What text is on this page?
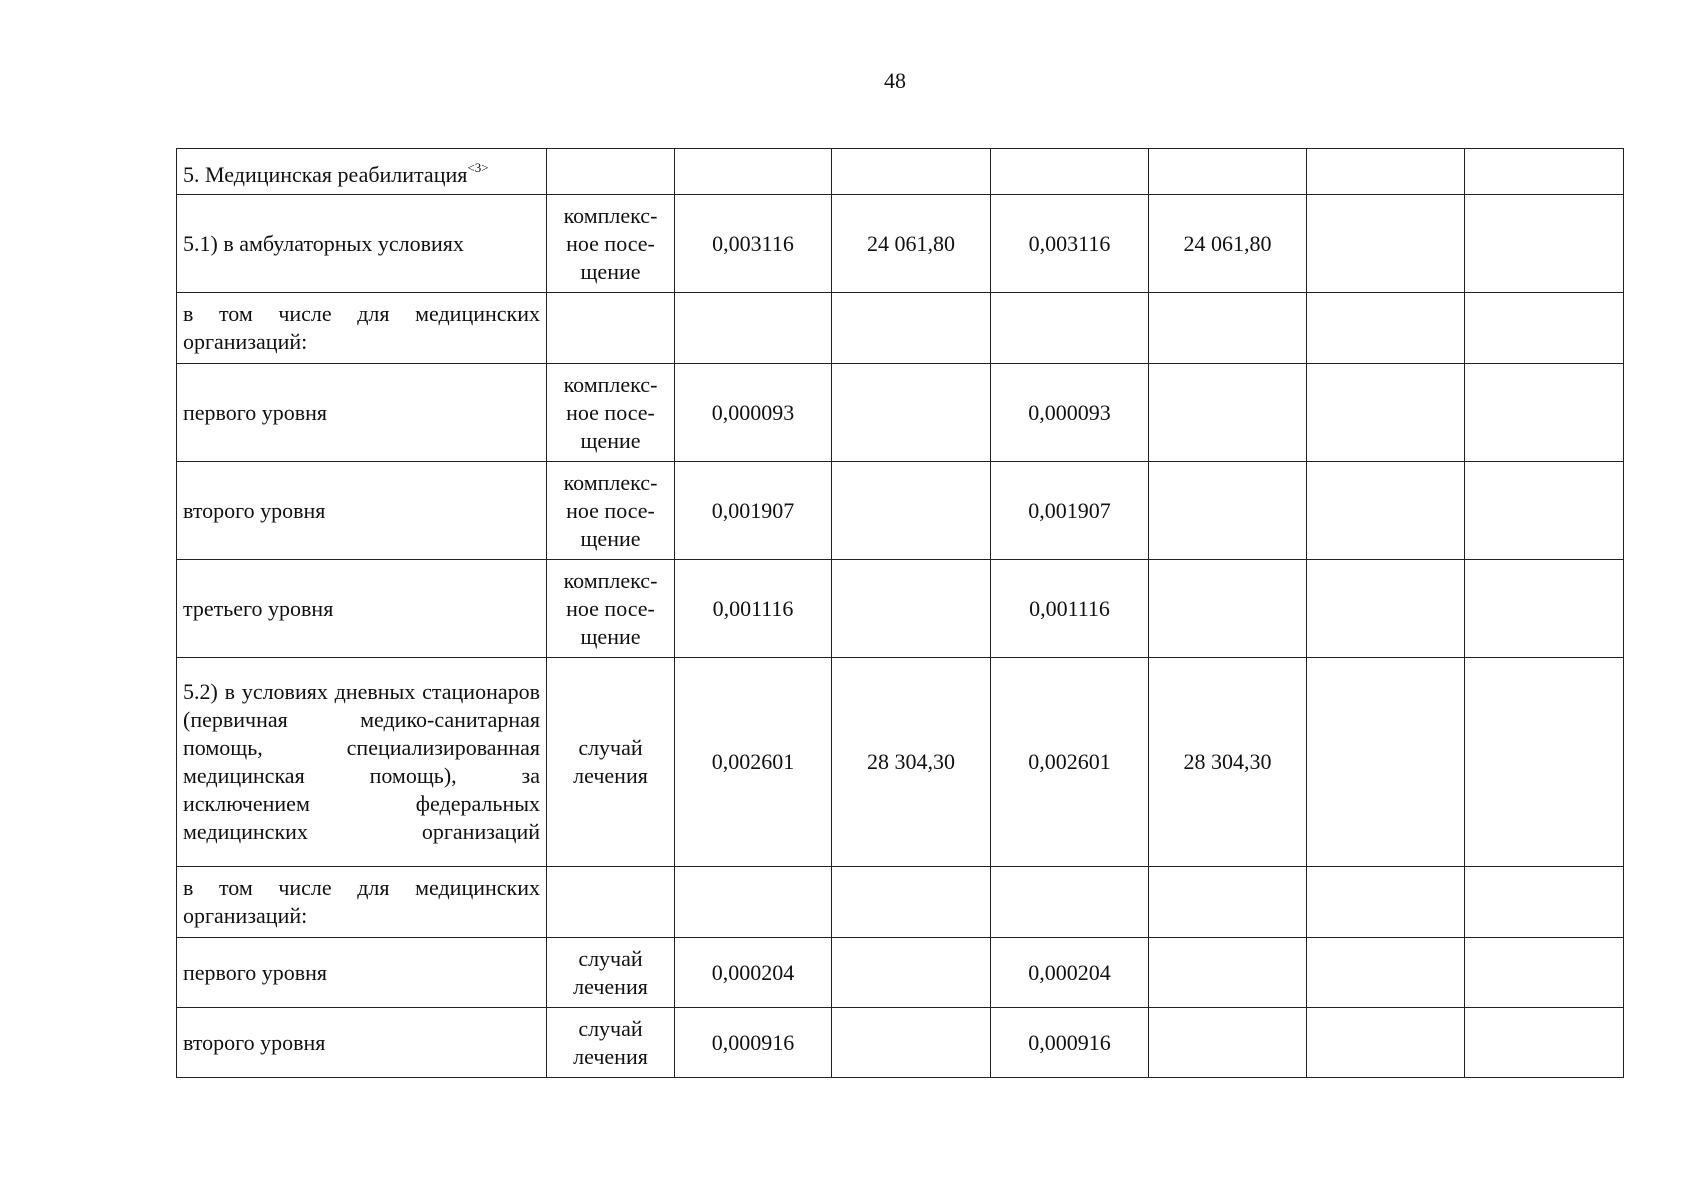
48
5. Медицинская реабилитация$^{<3>}$							
5.1) в амбулаторных условиях	комплекс-ное посе-щение	0,003116	24 061,80	0,003116	24 061,80		
в том числе для медицинских организаций:							
первого уровня	комплекс-ное посе-щение	0,000093		0,000093			
второго уровня	комплекс-ное посе-щение	0,001907		0,001907			
третьего уровня	комплекс-ное посе-щение	0,001116		0,001116			
5.2) в условиях дневных стационаров (первичная медико-санитарная помощь, специализированная медицинская помощь), за исключением федеральных медицинских организаций	случай лечения	0,002601	28 304,30	0,002601	28 304,30		
в том числе для медицинских организаций:							
первого уровня	случай лечения	0,000204		0,000204			
второго уровня	случай лечения	0,000916		0,000916			
